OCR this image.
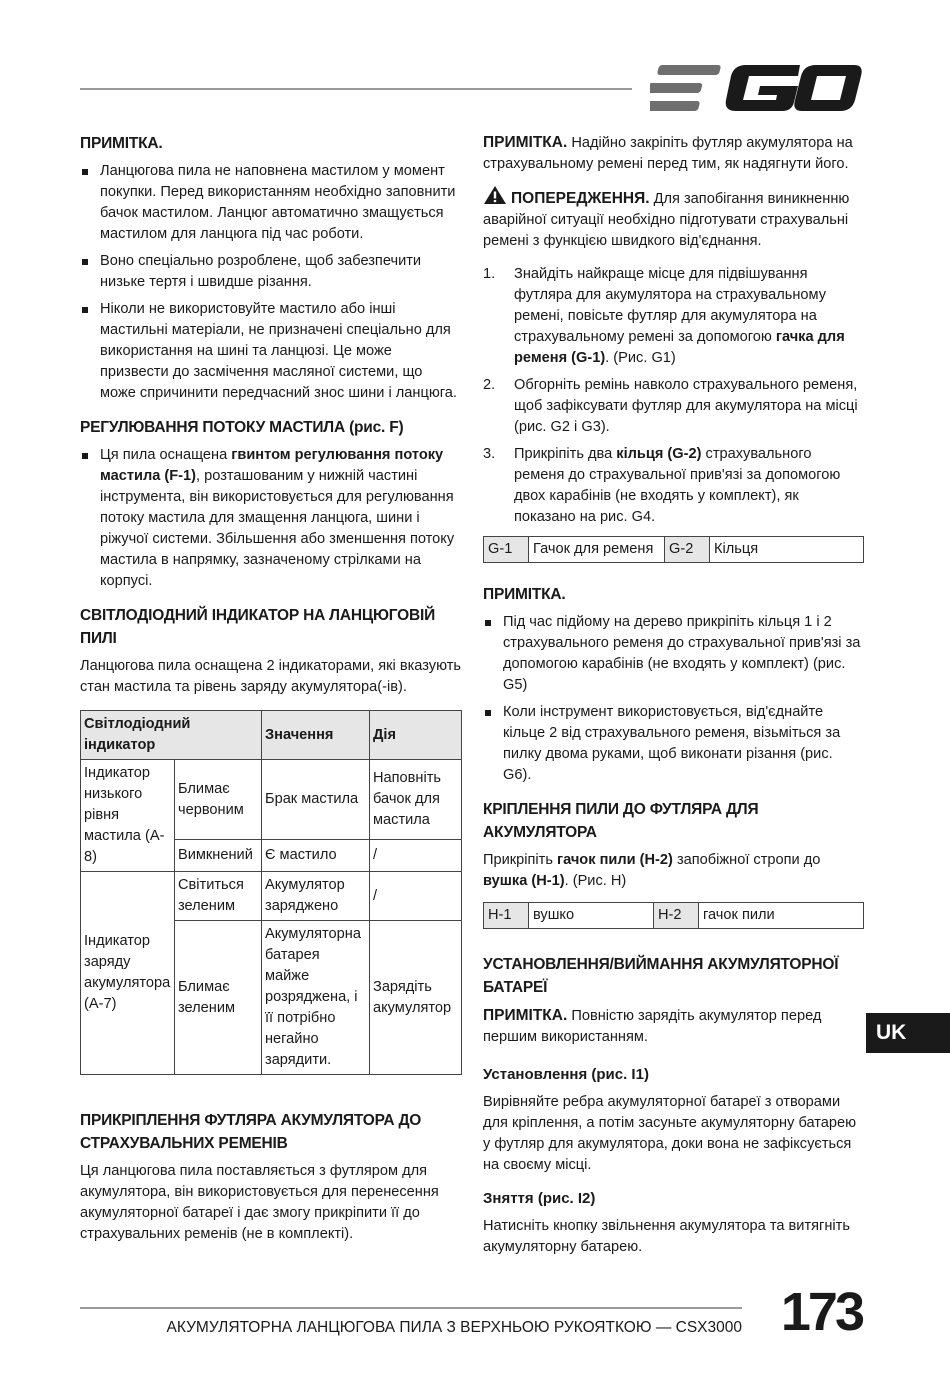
ПРИМІТКА.
Ланцюгова пила не наповнена мастилом у момент покупки. Перед використанням необхідно заповнити бачок мастилом. Ланцюг автоматично змащується мастилом для ланцюга під час роботи.
Воно спеціально розроблене, щоб забезпечити низьке тертя і швидше різання.
Ніколи не використовуйте мастило або інші мастильні матеріали, не призначені спеціально для використання на шині та ланцюзі. Це може призвести до засмічення масляної системи, що може спричинити передчасний знос шини і ланцюга.
РЕГУЛЮВАННЯ ПОТОКУ МАСТИЛА (рис. F)
Ця пила оснащена гвинтом регулювання потоку мастила (F-1), розташованим у нижній частині інструмента, він використовується для регулювання потоку мастила для змащення ланцюга, шини і ріжучої системи. Збільшення або зменшення потоку мастила в напрямку, зазначеному стрілками на корпусі.
СВІТЛОДІОДНИЙ ІНДИКАТОР НА ЛАНЦЮГОВІЙ ПИЛІ

Ланцюгова пила оснащена 2 індикаторами, які вказують стан мастила та рівень заряду акумулятора(-ів).

Світлодіодний індикатор		Значення	Дія
Індикатор низького рівня мастила (A-8)	Блимає червоним	Брак мастила	Наповніть бачок для мастила
	Вимкнений	Є мастило	/
Індикатор заряду акумулятора (A-7)	Світиться зеленим	Акумулятор заряджено	/
	Блимає зеленим	Акумуляторна батарея майже розряджена, і її потрібно негайно зарядити.	Зарядіть акумулятор
ПРИКРІПЛЕННЯ ФУТЛЯРА АКУМУЛЯТОРА ДО СТРАХУВАЛЬНИХ РЕМЕНІВ

Ця ланцюгова пила поставляється з футляром для акумулятора, він використовується для перенесення акумуляторної батареї і дає змогу прикріпити її до страхувальних ременів (не в комплекті).

ПРИМІТКА. Надійно закріпіть футляр акумулятора на страхувальному ремені перед тим, як надягнути його.

ПОПЕРЕДЖЕННЯ. Для запобігання виникненню аварійної ситуації необхідно підготувати страхувальні ремені з функцією швидкого від'єднання.

1. Знайдіть найкраще місце для підвішування футляра для акумулятора на страхувальному ремені, повісьте футляр для акумулятора на страхувальному ремені за допомогою гачка для ременя (G-1). (Рис. G1)
2. Обгорніть ремінь навколо страхувального ременя, щоб зафіксувати футляр для акумулятора на місці (рис. G2 і G3).
3. Прикріпіть два кільця (G-2) страхувального ременя до страхувальної прив'язі за допомогою двох карабінів (не входять у комплект), як показано на рис. G4.
G-1	Гачок для ременя	G-2	Кільця
ПРИМІТКА.
Під час підйому на дерево прикріпіть кільця 1 і 2 страхувального ременя до страхувальної прив'язі за допомогою карабінів (не входять у комплект) (рис. G5)
Коли інструмент використовується, від'єднайте кільце 2 від страхувального ременя, візьміться за пилку двома руками, щоб виконати різання (рис. G6).
КРІПЛЕННЯ ПИЛИ ДО ФУТЛЯРА ДЛЯ АКУМУЛЯТОРА

Прикріпіть гачок пили (H-2) запобіжної стропи до вушка (H-1). (Рис. H)

H-1	вушко	H-2	гачок пили
УСТАНОВЛЕННЯ/ВИЙМАННЯ АКУМУЛЯТОРНОЇ БАТАРЕЇ

ПРИМІТКА. Повністю зарядіть акумулятор перед першим використанням.

Установлення (рис. I1)

Вирівняйте ребра акумуляторної батареї з отворами для кріплення, а потім засуньте акумуляторну батарею у футляр для акумулятора, доки вона не зафіксується на своєму місці.

Зняття (рис. I2)

Натисніть кнопку звільнення акумулятора та витягніть акумуляторну батарею.

UK
АКУМУЛЯТОРНА ЛАНЦЮГОВА ПИЛА З ВЕРХНЬОЮ РУКОЯТКОЮ — CSX3000 173
